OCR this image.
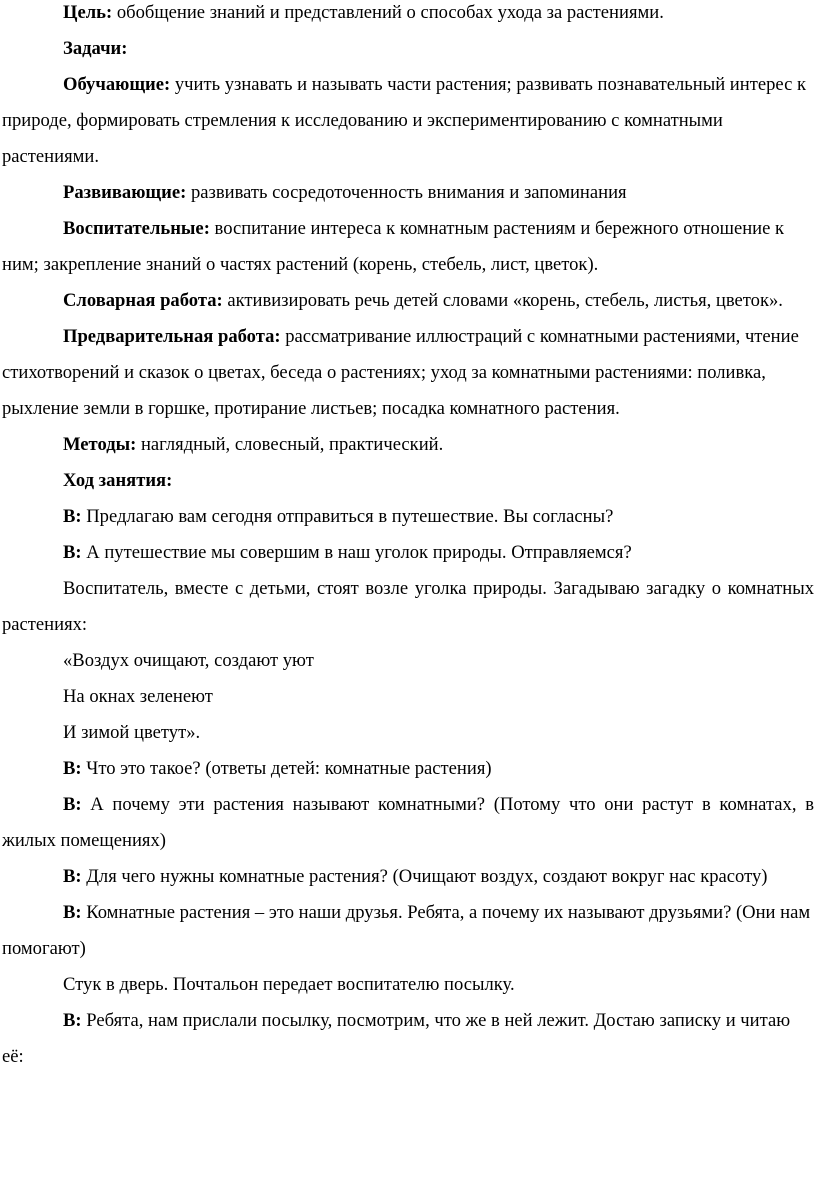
Цель: обобщение знаний и представлений о способах ухода за растениями.

Задачи:

Обучающие: учить узнавать и называть части растения; развивать познавательный интерес к природе, формировать стремления к исследованию и экспериментированию с комнатными растениями.

Развивающие: развивать сосредоточенность внимания и запоминания

Воспитательные: воспитание интереса к комнатным растениям и бережного отношение к ним; закрепление знаний о частях растений (корень, стебель, лист, цветок).

Словарная работа: активизировать речь детей словами «корень, стебель, листья, цветок».

Предварительная работа: рассматривание иллюстраций с комнатными растениями, чтение стихотворений и сказок о цветах, беседа о растениях; уход за комнатными растениями: поливка, рыхление земли в горшке, протирание листьев; посадка комнатного растения.

Методы: наглядный, словесный, практический.

Ход занятия:

В: Предлагаю вам сегодня отправиться в путешествие. Вы согласны?

В: А путешествие мы совершим в наш уголок природы. Отправляемся?

Воспитатель, вместе с детьми, стоят возле уголка природы. Загадываю загадку о комнатных растениях:

«Воздух очищают, создают уют

На окнах зеленеют

И зимой цветут».

В: Что это такое? (ответы детей: комнатные растения)

В: А почему эти растения называют комнатными? (Потому что они растут в комнатах, в жилых помещениях)

В: Для чего нужны комнатные растения? (Очищают воздух, создают вокруг нас красоту)

В: Комнатные растения – это наши друзья. Ребята, а почему их называют друзьями? (Они нам помогают)

Стук в дверь. Почтальон передает воспитателю посылку.

В: Ребята, нам прислали посылку, посмотрим, что же в ней лежит. Достаю записку и читаю её:
